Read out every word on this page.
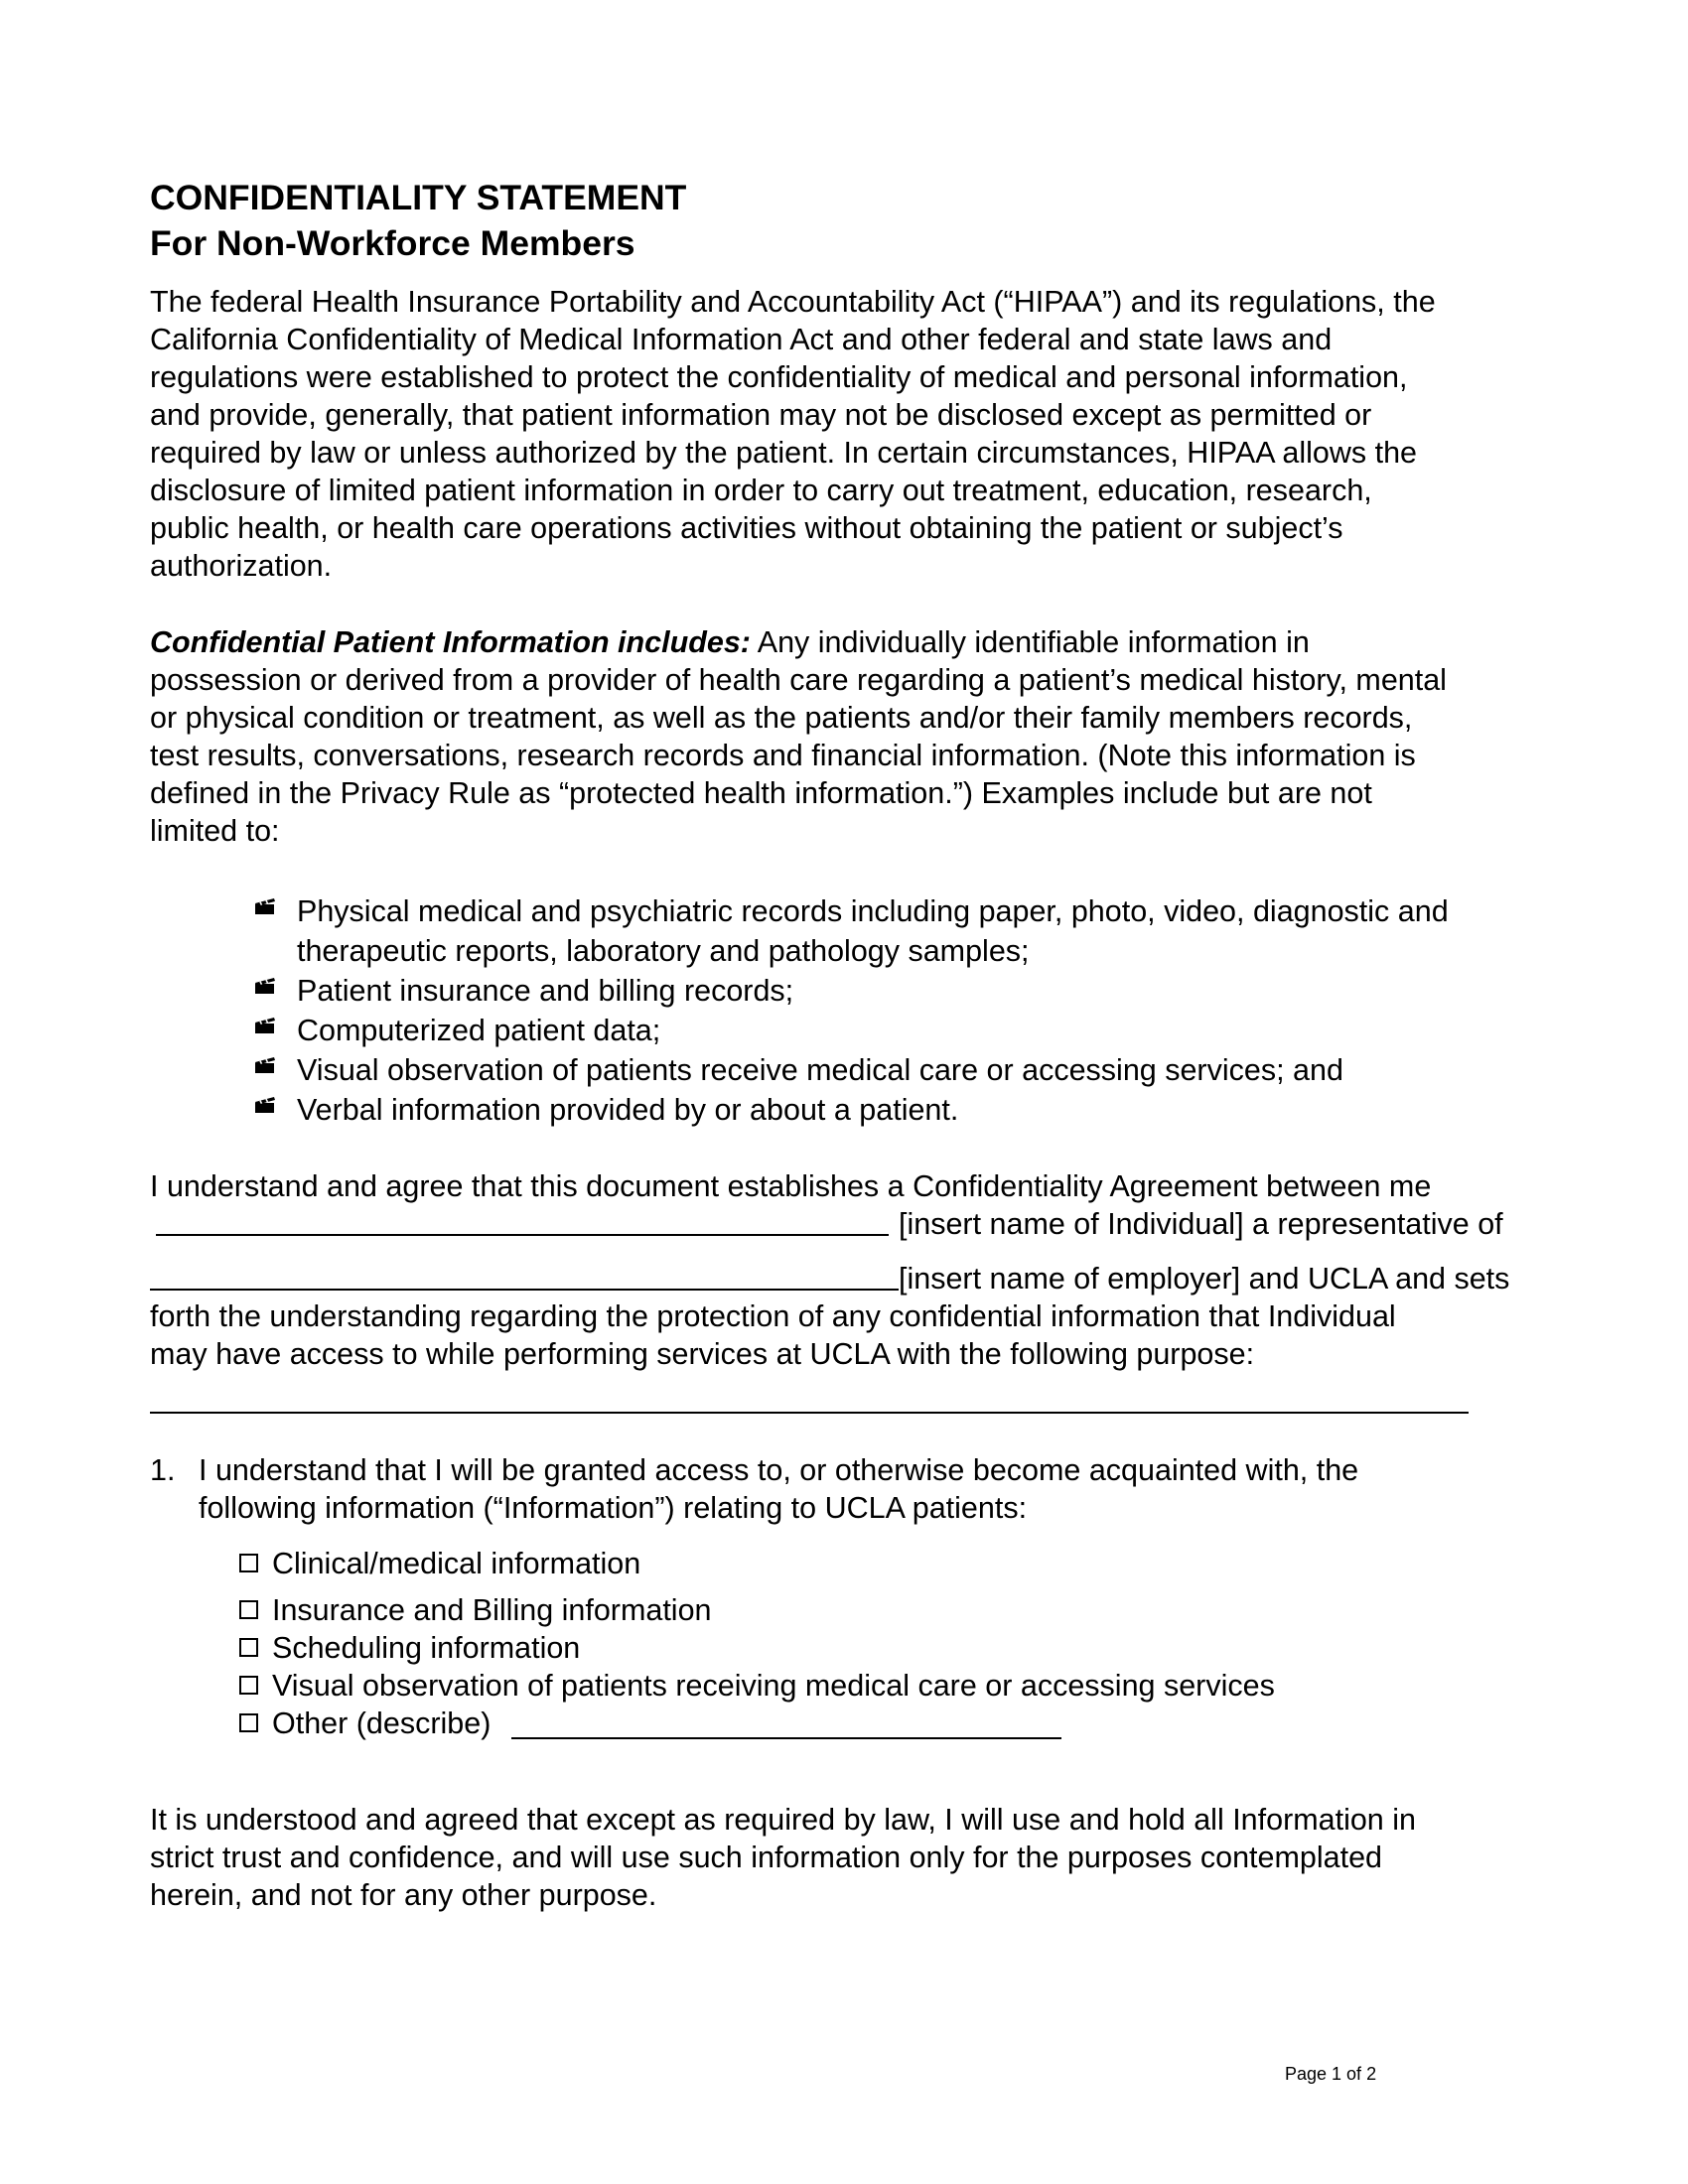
CONFIDENTIALITY STATEMENT
For Non-Workforce Members
The federal Health Insurance Portability and Accountability Act (“HIPAA”) and its regulations, the
California Confidentiality of Medical Information Act and other federal and state laws and
regulations were established to protect the confidentiality of medical and personal information,
and provide, generally, that patient information may not be disclosed except as permitted or
required by law or unless authorized by the patient. In certain circumstances, HIPAA allows the
disclosure of limited patient information in order to carry out treatment, education, research,
public health, or health care operations activities without obtaining the patient or subject’s
authorization.
Confidential Patient Information includes: Any individually identifiable information in
possession or derived from a provider of health care regarding a patient’s medical history, mental
or physical condition or treatment, as well as the patients and/or their family members records,
test results, conversations, research records and financial information. (Note this information is
defined in the Privacy Rule as “protected health information.”) Examples include but are not
limited to:
Physical medical and psychiatric records including paper, photo, video, diagnostic and
therapeutic reports, laboratory and pathology samples;
Patient insurance and billing records;
Computerized patient data;
Visual observation of patients receive medical care or accessing services; and
Verbal information provided by or about a patient.
I understand and agree that this document establishes a Confidentiality Agreement between me
[insert name of Individual] a representative of
[insert name of employer] and UCLA and sets
forth the understanding regarding the protection of any confidential information that Individual
may have access to while performing services at UCLA with the following purpose:
1. I understand that I will be granted access to, or otherwise become acquainted with, the
following information (“Information”) relating to UCLA patients:
Clinical/medical information
Insurance and Billing information
Scheduling information
Visual observation of patients receiving medical care or accessing services
Other (describe)
It is understood and agreed that except as required by law, I will use and hold all Information in
strict trust and confidence, and will use such information only for the purposes contemplated
herein, and not for any other purpose.
Page 1 of 2
